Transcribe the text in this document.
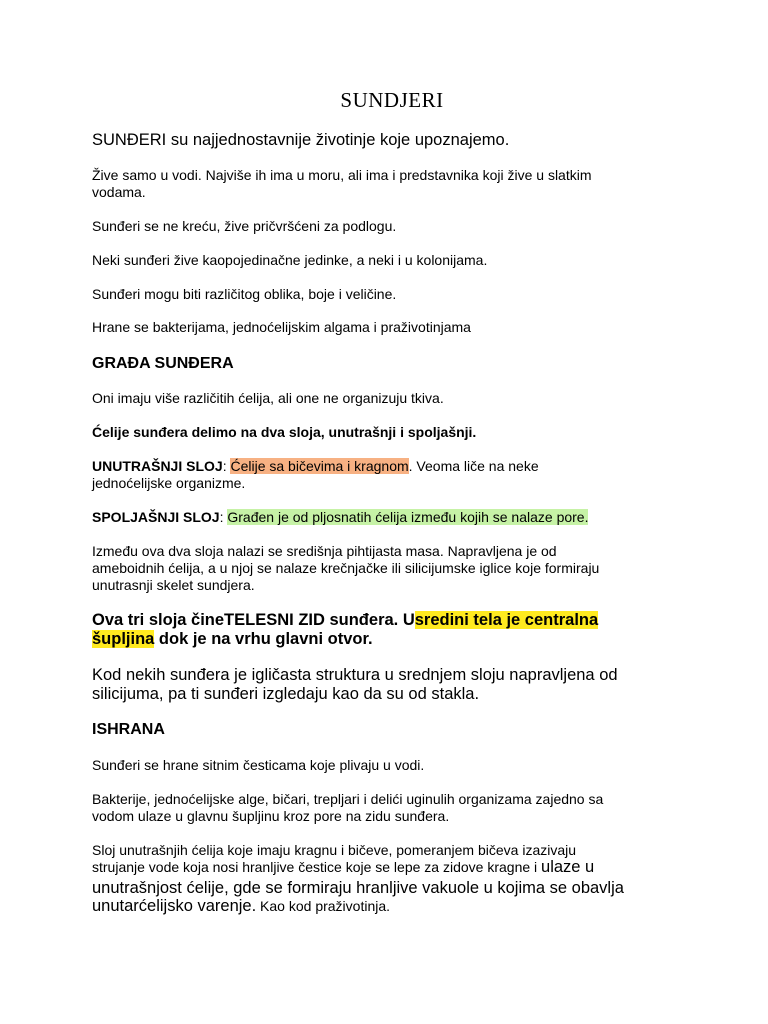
SUNDJERI

SUNĐERI su najjednostavnije životinje koje upoznajemo.

Žive samo u vodi. Najviše ih ima u moru, ali ima i predstavnika koji žive u slatkim

vodama.

Sunđeri se ne kreću, žive pričvršćeni za podlogu.

Neki sunđeri žive kaopojedinačne jedinke, a neki i u kolonijama.

Sunđeri mogu biti različitog oblika, boje i veličine.

Hrane se bakterijama, jednoćelijskim algama i praživotinjama

GRAĐA SUNĐERA

Oni imaju više različitih ćelija, ali one ne organizuju tkiva.

Ćelije sunđera delimo na dva sloja, unutrašnji i spoljašnji.

UNUTRAŠNJI SLOJ: Ćelije sa bičevima i kragnom. Veoma liče na neke

jednoćelijske organizme.

SPOLJAŠNJI SLOJ: Građen je od pljosnatih ćelija između kojih se nalaze pore.

Između ova dva sloja nalazi se središnja pihtijasta masa. Napravljena je od

ameboidnih ćelija, a u njoj se nalaze krečnjačke ili silicijumske iglice koje formiraju

unutrasnji skelet sundjera.

Ova tri sloja čineTELESNI ZID sunđera. Usredini tela je centralna

šupljina dok je na vrhu glavni otvor.

Kod nekih sunđera je igličasta struktura u srednjem sloju napravljena od

silicijuma, pa ti sunđeri izgledaju kao da su od stakla.

ISHRANA

Sunđeri se hrane sitnim česticama koje plivaju u vodi.

Bakterije, jednoćelijske alge, bičari, trepljari i delići uginulih organizama zajedno sa

vodom ulaze u glavnu šupljinu kroz pore na zidu sunđera.

Sloj unutrašnjih ćelija koje imaju kragnu i bičeve, pomeranjem bičeva izazivaju

strujanje vode koja nosi hranljive čestice koje se lepe za zidove kragne i ulaze u

unutrašnjost ćelije, gde se formiraju hranljive vakuole u kojima se obavlja

unutarćelijsko varenje. Kao kod praživotinja.
